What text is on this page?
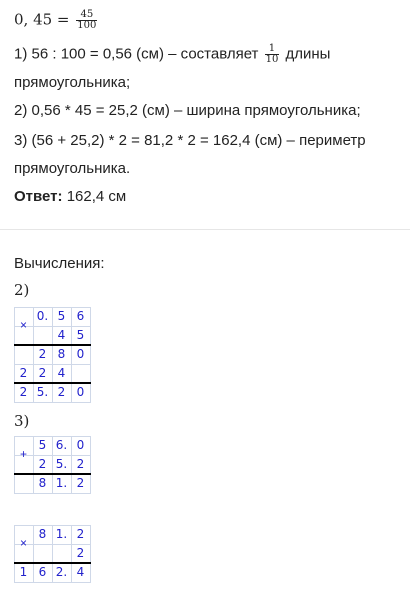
0, $45 = \frac{45}{100}$
1) 56 : 100 = 0,56 (см) – составляет $\frac{1}{10}$ длины
прямоугольника;
2) 0,56 * 45 = 25,2 (см) – ширина прямоугольника;
3) (56 + 25,2) * 2 = 81,2 * 2 = 162,4 (см) – периметр
прямоугольника.
Ответ: 162,4 см
Вычисления:
2)
×
0. 5 6
4 5
2 8 0
2 2 4
2 5. 2 0
3)
+
5 6. 0
2 5. 2
8 1. 2
×
8 1. 2
2
1 6 2. 4
